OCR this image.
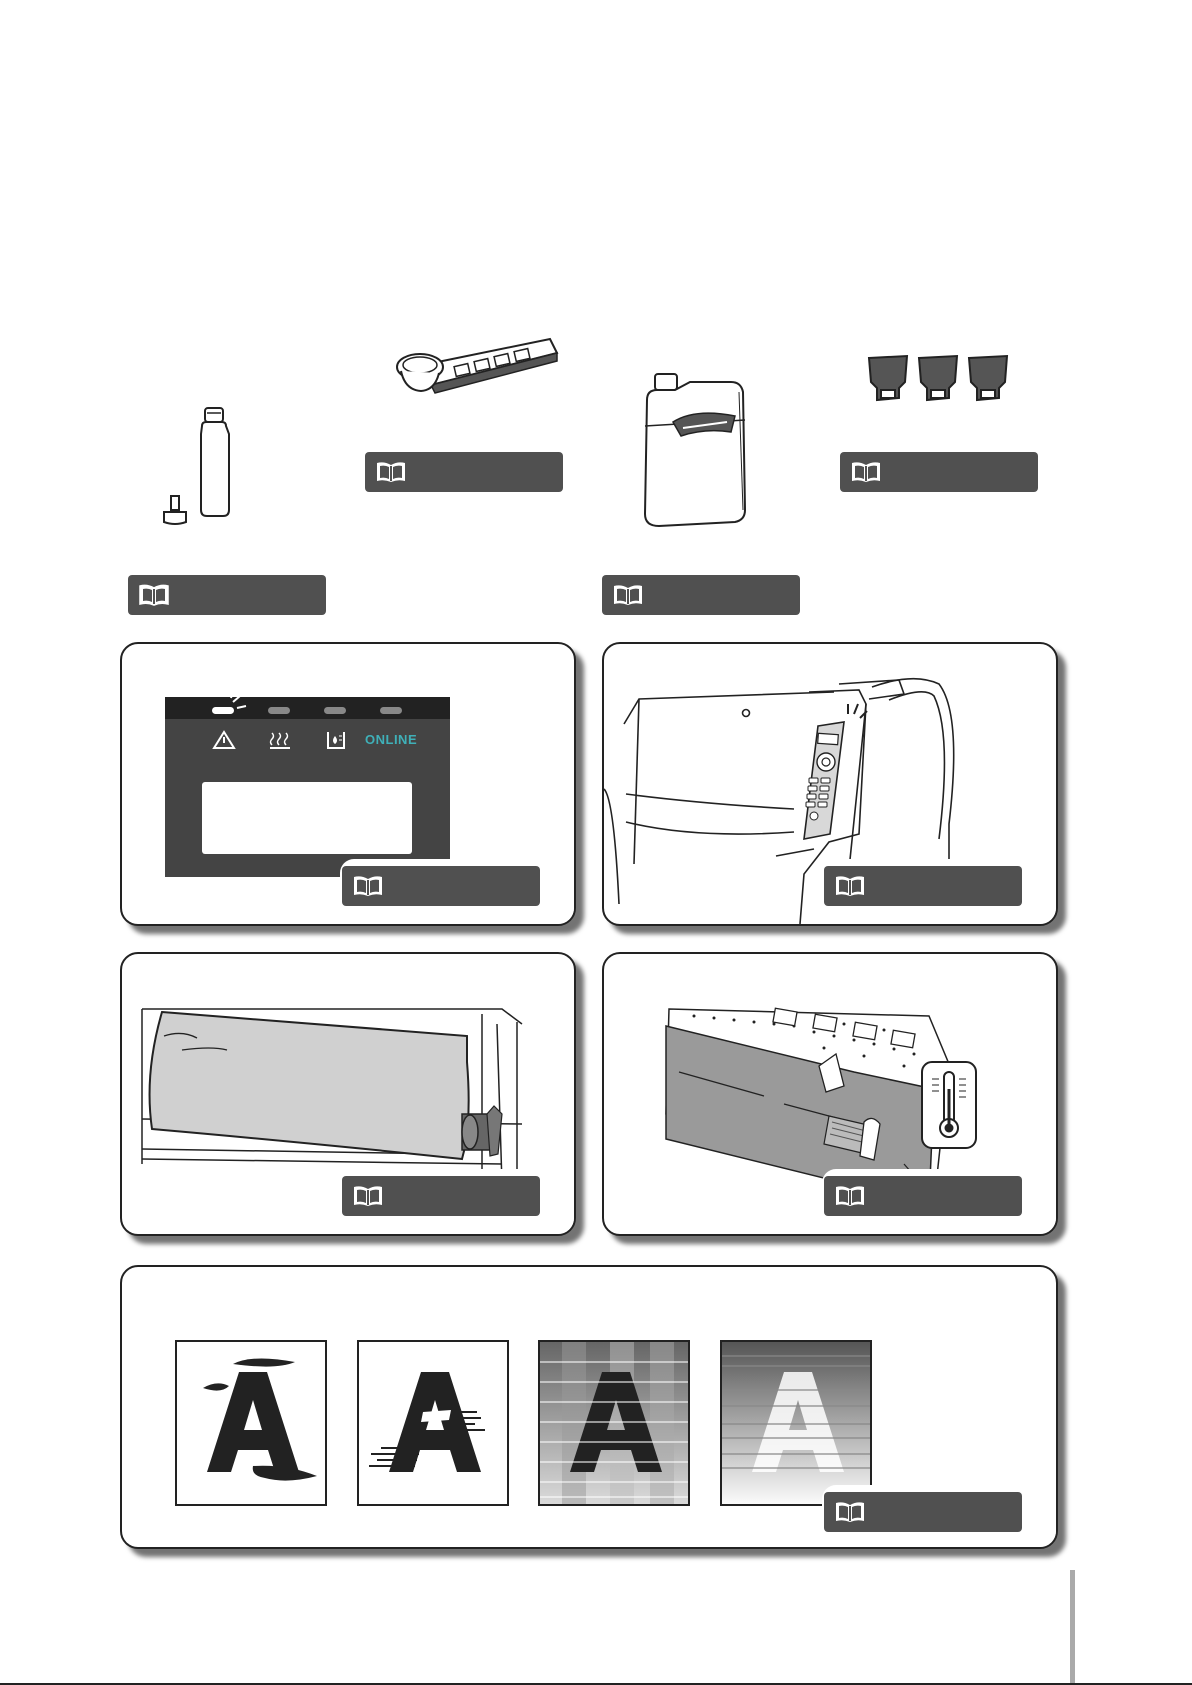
ONLINE
